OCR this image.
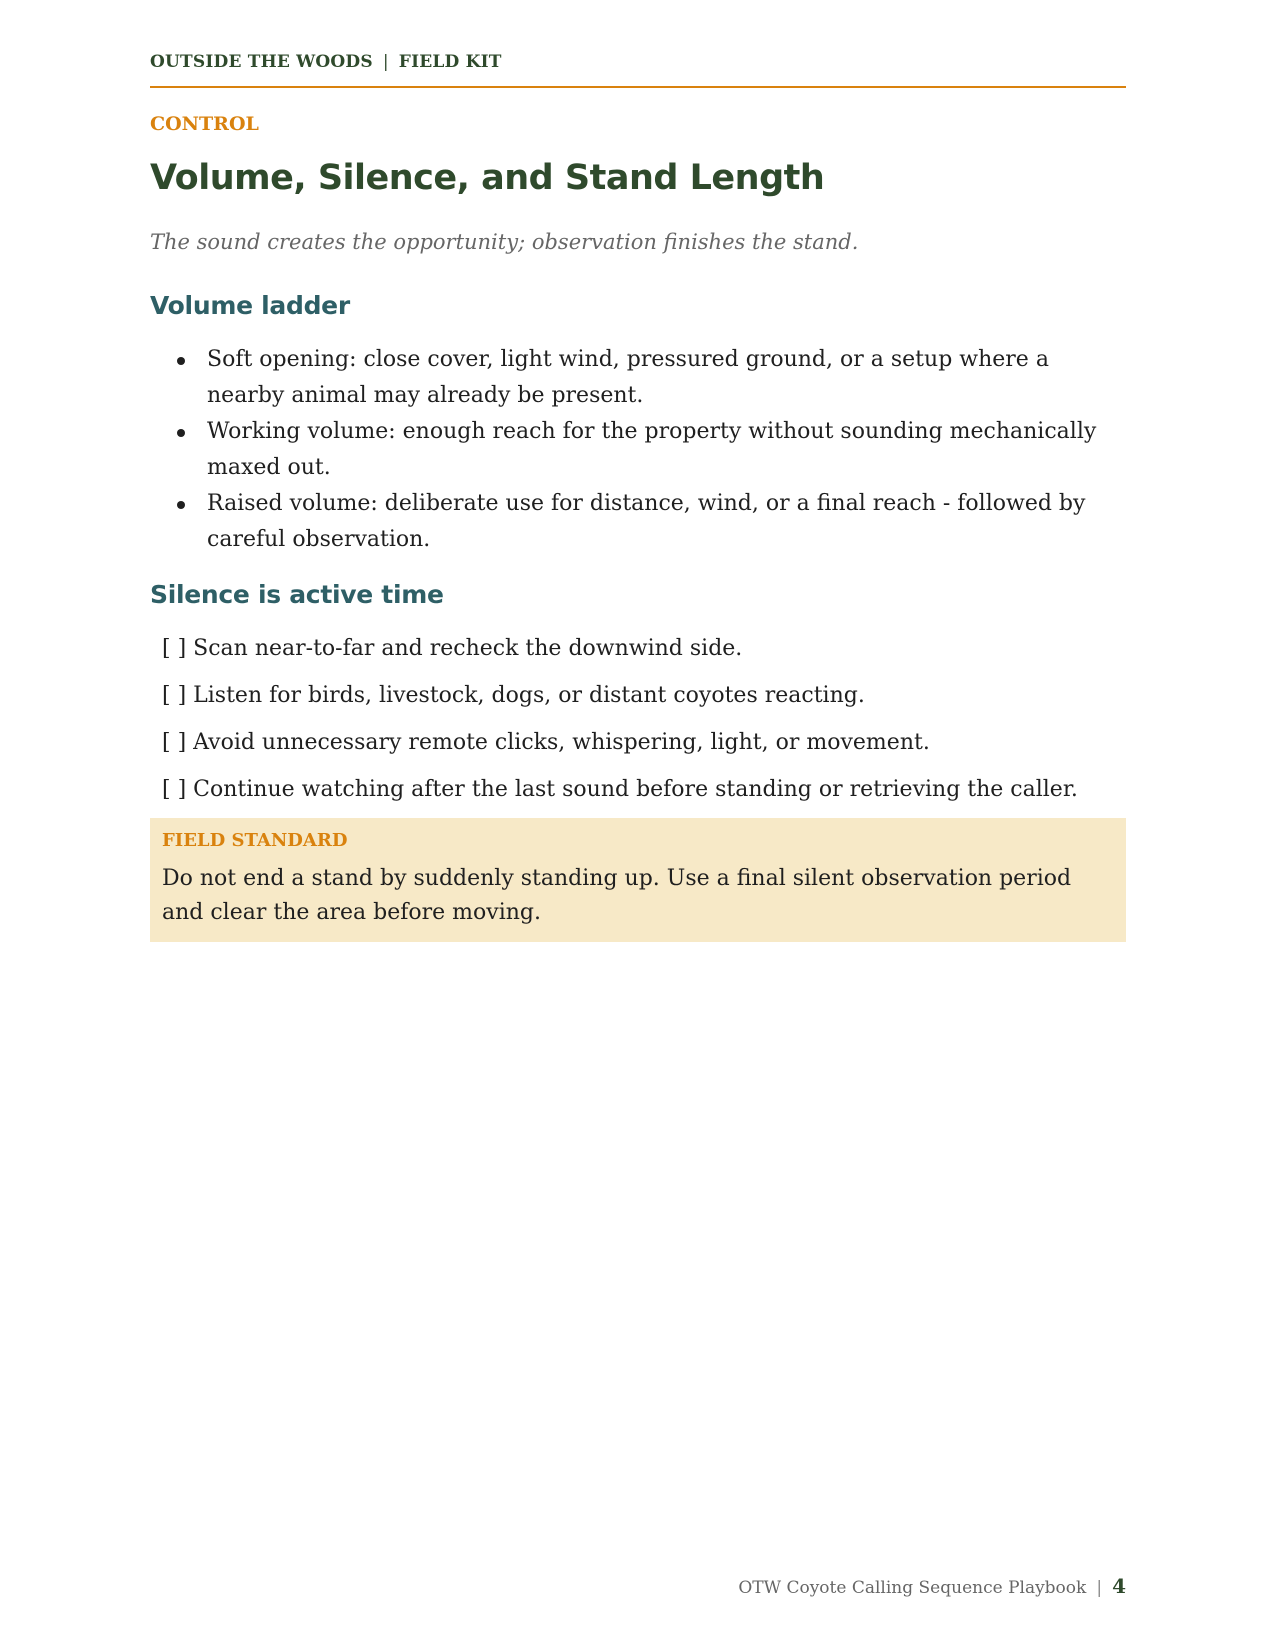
OUTSIDE THE WOODS | FIELD KIT
CONTROL
Volume, Silence, and Stand Length

The sound creates the opportunity; observation finishes the stand.

Volume ladder
Soft opening: close cover, light wind, pressured ground, or a setup where a nearby animal may already be present.
Working volume: enough reach for the property without sounding mechanically maxed out.
Raised volume: deliberate use for distance, wind, or a final reach - followed by careful observation.
Silence is active time
[ ] Scan near-to-far and recheck the downwind side.
[ ] Listen for birds, livestock, dogs, or distant coyotes reacting.
[ ] Avoid unnecessary remote clicks, whispering, light, or movement.
[ ] Continue watching after the last sound before standing or retrieving the caller.
FIELD STANDARD
Do not end a stand by suddenly standing up. Use a final silent observation period and clear the area before moving.
OTW Coyote Calling Sequence Playbook | 4
